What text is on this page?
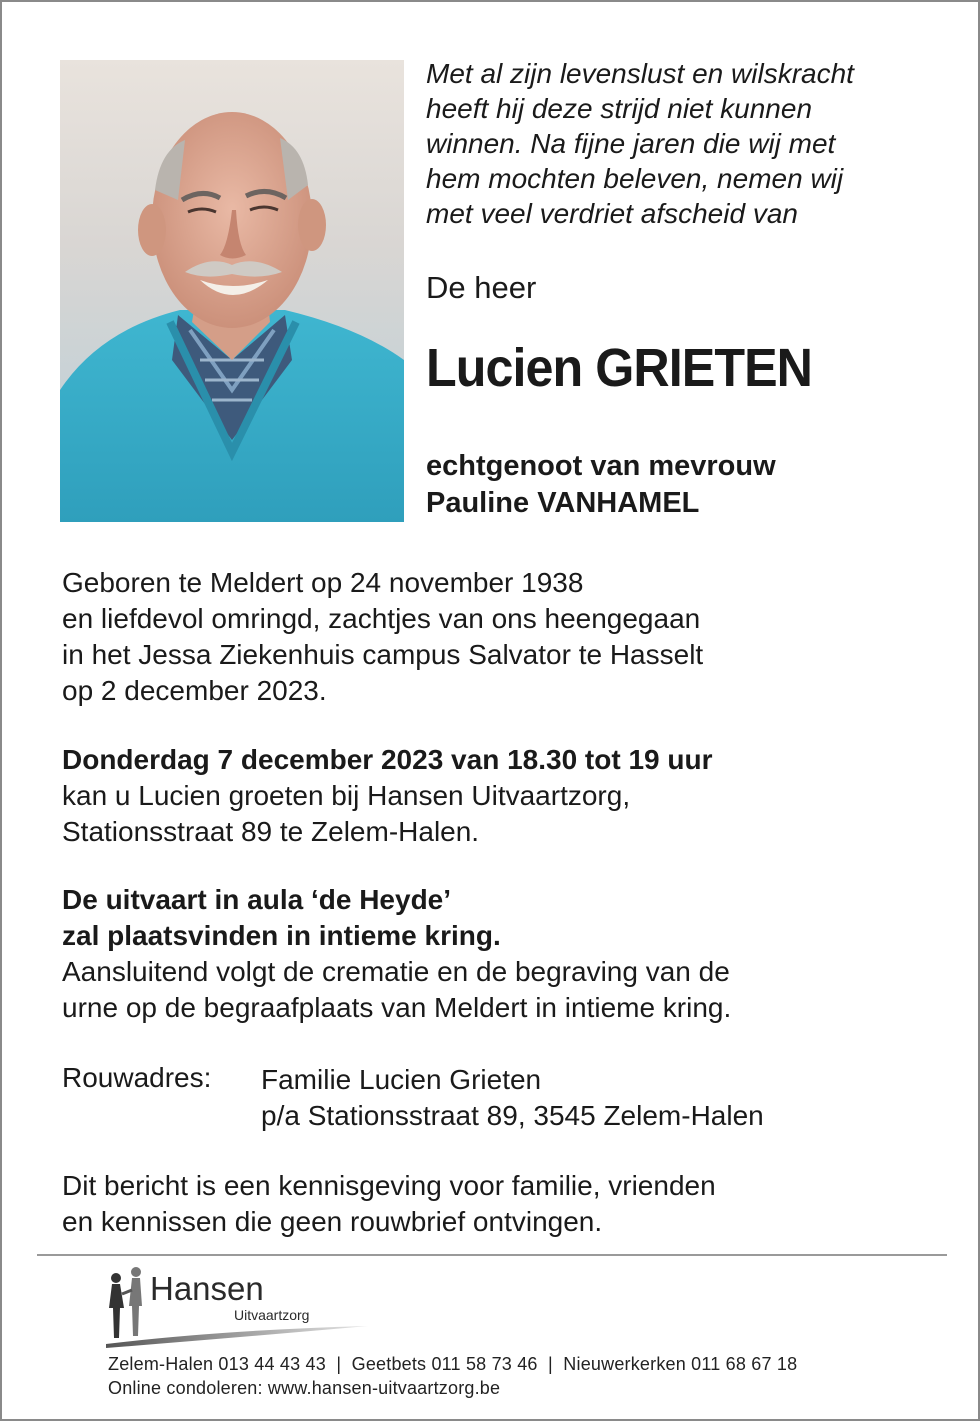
Met al zijn levenslust en wilskracht
heeft hij deze strijd niet kunnen
winnen. Na fijne jaren die wij met
hem mochten beleven, nemen wij
met veel verdriet afscheid van
De heer
Lucien GRIETEN
echtgenoot van mevrouw
Pauline VANHAMEL
Geboren te Meldert op 24 november 1938
en liefdevol omringd, zachtjes van ons heengegaan
in het Jessa Ziekenhuis campus Salvator te Hasselt
op 2 december 2023.
Donderdag 7 december 2023 van 18.30 tot 19 uur
kan u Lucien groeten bij Hansen Uitvaartzorg,
Stationsstraat 89 te Zelem-Halen.
De uitvaart in aula ‘de Heyde’
zal plaatsvinden in intieme kring.
Aansluitend volgt de crematie en de begraving van de
urne op de begraafplaats van Meldert in intieme kring.
Rouwadres: Familie Lucien Grieten
p/a Stationsstraat 89, 3545 Zelem-Halen
Dit bericht is een kennisgeving voor familie, vrienden
en kennissen die geen rouwbrief ontvingen.
Hansen
Uitvaartzorg
Zelem-Halen 013 44 43 43  |  Geetbets 011 58 73 46  |  Nieuwerkerken 011 68 67 18
Online condoleren: www.hansen-uitvaartzorg.be
